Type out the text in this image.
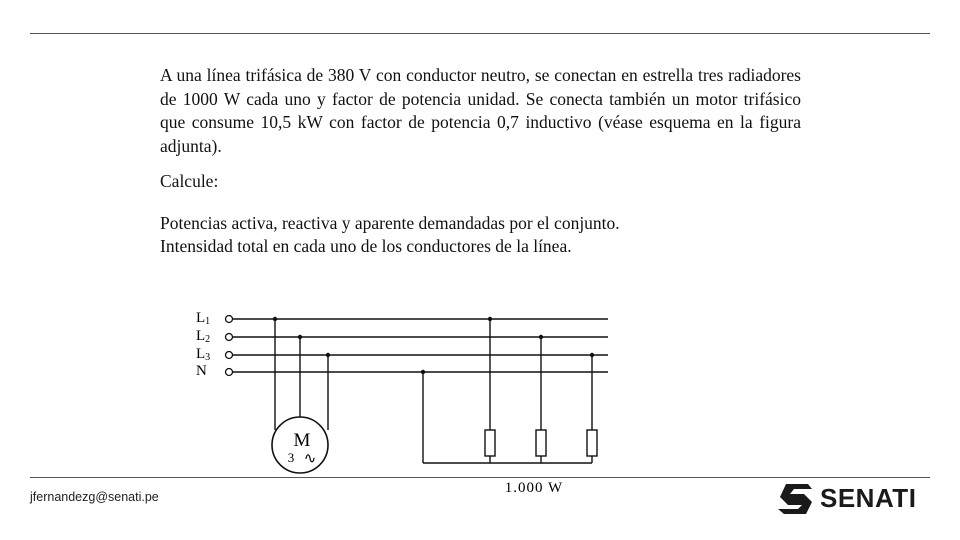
A una línea trifásica de 380 V con conductor neutro, se conectan en estrella tres radiadores de 1000 W cada uno y factor de potencia unidad. Se conecta también un motor trifásico que consume 10,5 kW con factor de potencia 0,7 inductivo (véase esquema en la figura adjunta).

Calcule:

Potencias activa, reactiva y aparente demandadas por el conjunto.
Intensidad total en cada uno de los conductores de la línea.
L1
L2
L3
N
M
3 ∿
1.000 W
jfernandezg@senati.pe	SENATI
